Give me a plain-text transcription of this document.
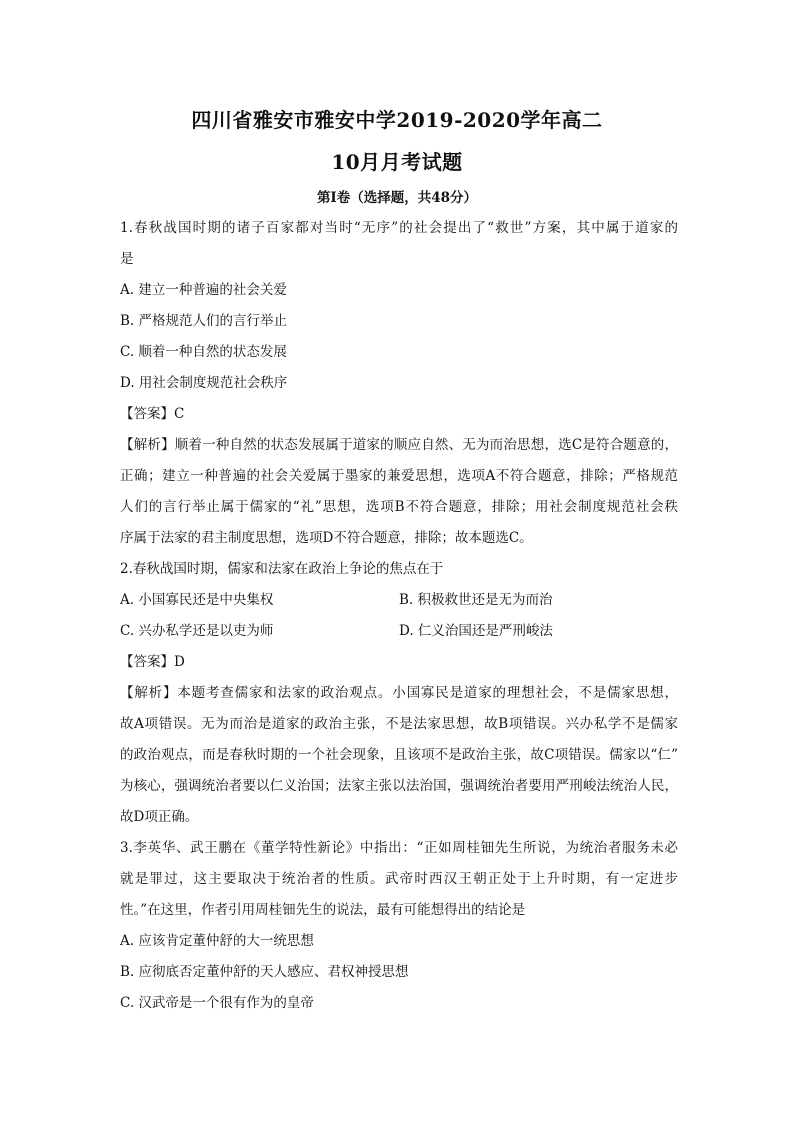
四川省雅安市雅安中学2019-2020学年高二
10月月考试题
第I卷（选择题，共48分）
1.春秋战国时期的诸子百家都对当时“无序”的社会提出了“救世”方案，其中属于道家的
是
A. 建立一种普遍的社会关爱
B. 严格规范人们的言行举止
C. 顺着一种自然的状态发展
D. 用社会制度规范社会秩序
【答案】C
【解析】顺着一种自然的状态发展属于道家的顺应自然、无为而治思想，选C是符合题意的，
正确；建立一种普遍的社会关爱属于墨家的兼爱思想，选项A不符合题意，排除；严格规范
人们的言行举止属于儒家的“礼”思想，选项B不符合题意，排除；用社会制度规范社会秩
序属于法家的君主制度思想，选项D不符合题意，排除；故本题选C。
2.春秋战国时期，儒家和法家在政治上争论的焦点在于
A. 小国寡民还是中央集权	B. 积极救世还是无为而治
C. 兴办私学还是以吏为师	D. 仁义治国还是严刑峻法
【答案】D
【解析】本题考查儒家和法家的政治观点。小国寡民是道家的理想社会，不是儒家思想，
故A项错误。无为而治是道家的政治主张，不是法家思想，故B项错误。兴办私学不是儒家
的政治观点，而是春秋时期的一个社会现象，且该项不是政治主张，故C项错误。儒家以“仁”
为核心，强调统治者要以仁义治国；法家主张以法治国，强调统治者要用严刑峻法统治人民，
故D项正确。
3.李英华、武王鹏在《董学特性新论》中指出：“正如周桂钿先生所说，为统治者服务未必
就是罪过，这主要取决于统治者的性质。武帝时西汉王朝正处于上升时期，有一定进步
性。”在这里，作者引用周桂钿先生的说法，最有可能想得出的结论是
A. 应该肯定董仲舒的大一统思想
B. 应彻底否定董仲舒的天人感应、君权神授思想
C. 汉武帝是一个很有作为的皇帝
